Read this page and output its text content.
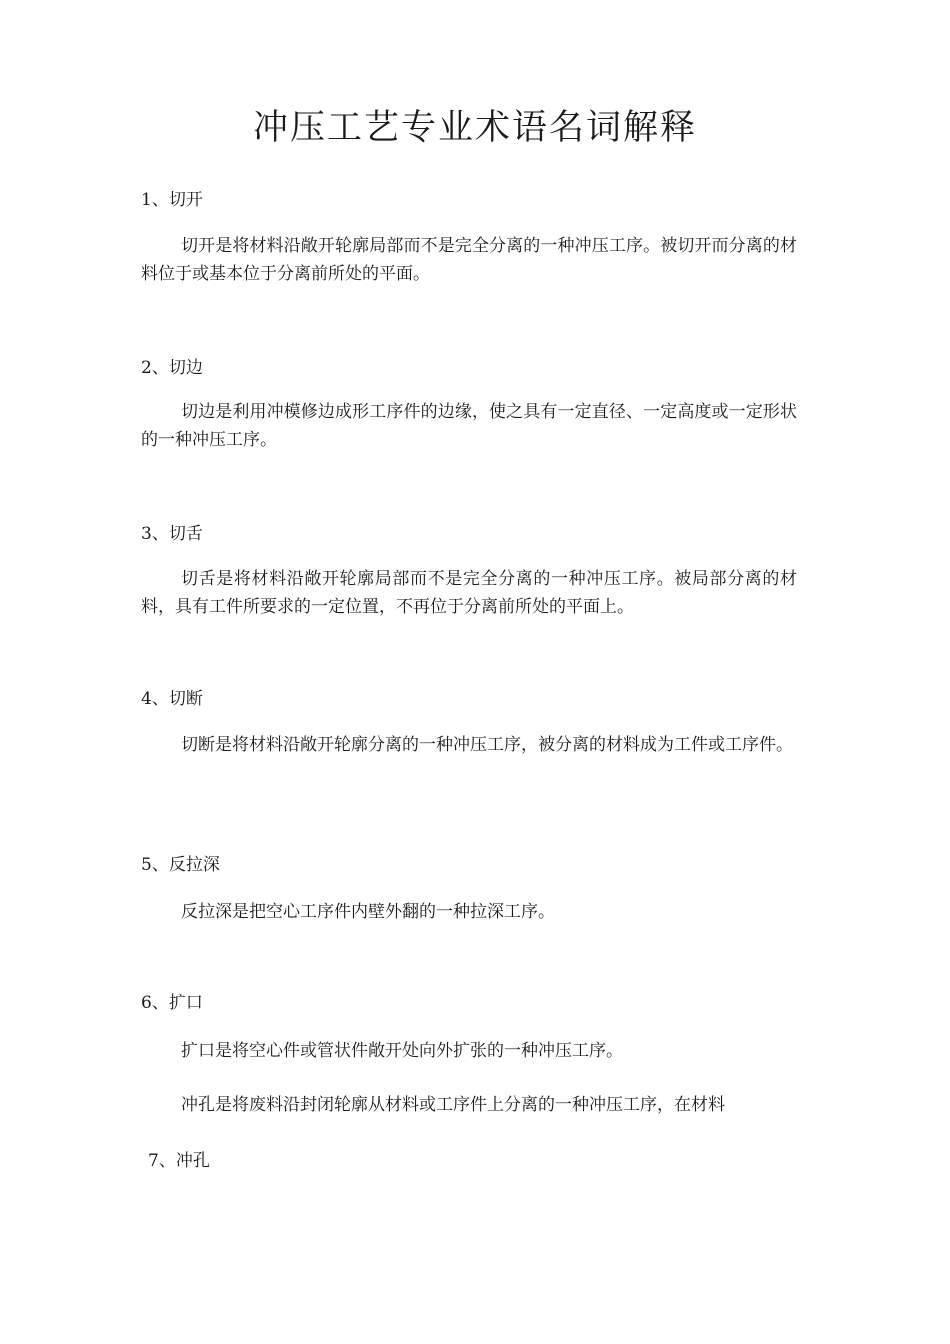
冲压工艺专业术语名词解释

1、切开

切开是将材料沿敞开轮廓局部而不是完全分离的一种冲压工序。被切开而分离的材料位于或基本位于分离前所处的平面。

2、切边

切边是利用冲模修边成形工序件的边缘，使之具有一定直径、一定高度或一定形状的一种冲压工序。

3、切舌

切舌是将材料沿敞开轮廓局部而不是完全分离的一种冲压工序。被局部分离的材料，具有工件所要求的一定位置，不再位于分离前所处的平面上。

4、切断

切断是将材料沿敞开轮廓分离的一种冲压工序，被分离的材料成为工件或工序件。

5、反拉深

反拉深是把空心工序件内壁外翻的一种拉深工序。

6、扩口

扩口是将空心件或管状件敞开处向外扩张的一种冲压工序。

冲孔是将废料沿封闭轮廓从材料或工序件上分离的一种冲压工序，在材料

7、冲孔
